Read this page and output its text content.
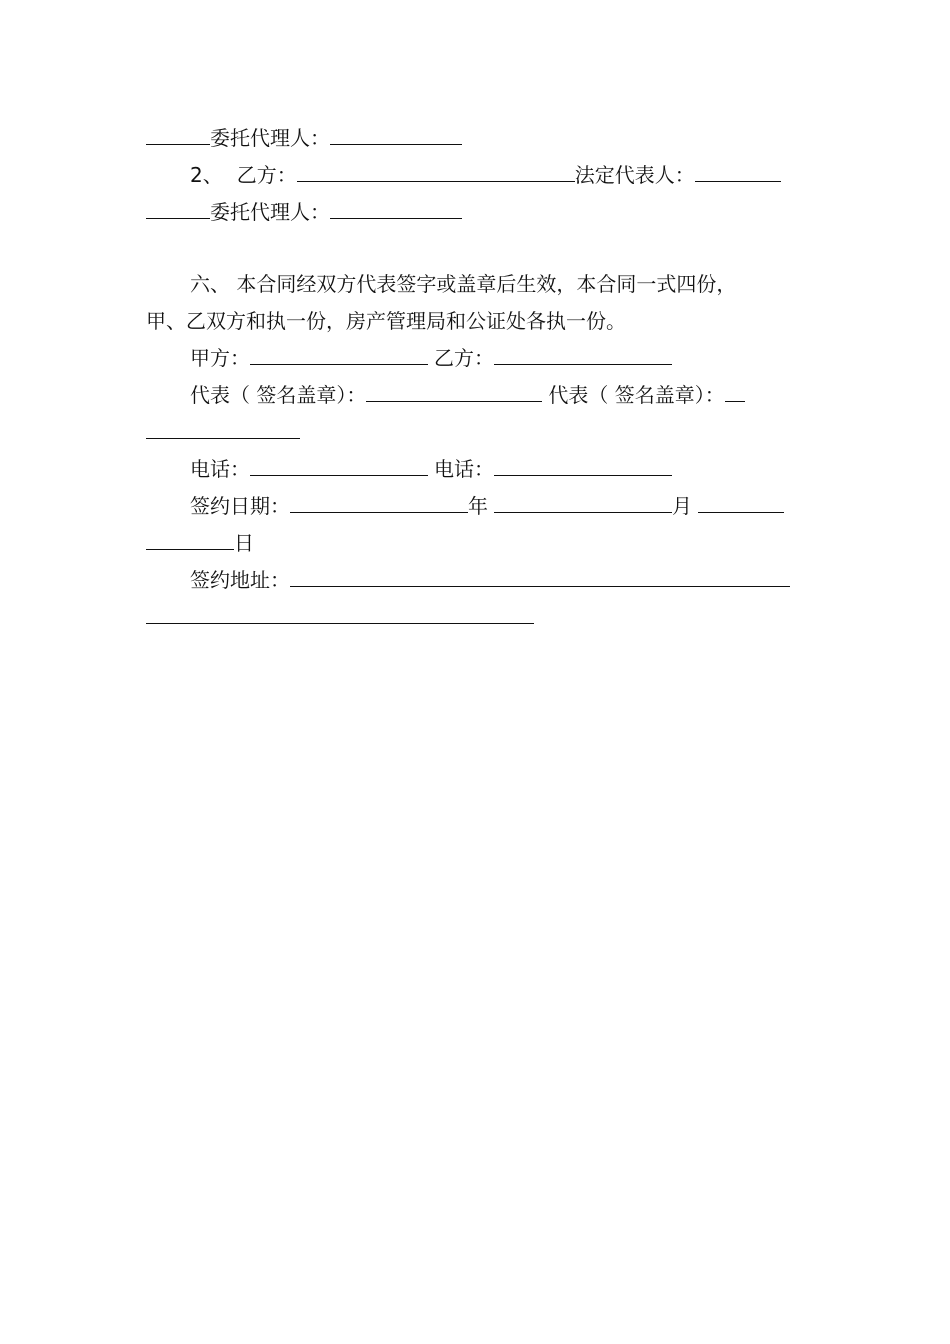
委托代理人：
2、 乙方：	法定代表人：
委托代理人：
六、 本合同经双方代表签字或盖章后生效，本合同一式四份，
甲、乙双方和执一份，房产管理局和公证处各执一份。
甲方：	乙方：
代表（ 签名盖章）：	代表（ 签名盖章）：
电话：	电话：
签约日期：	年	月
日
签约地址：
